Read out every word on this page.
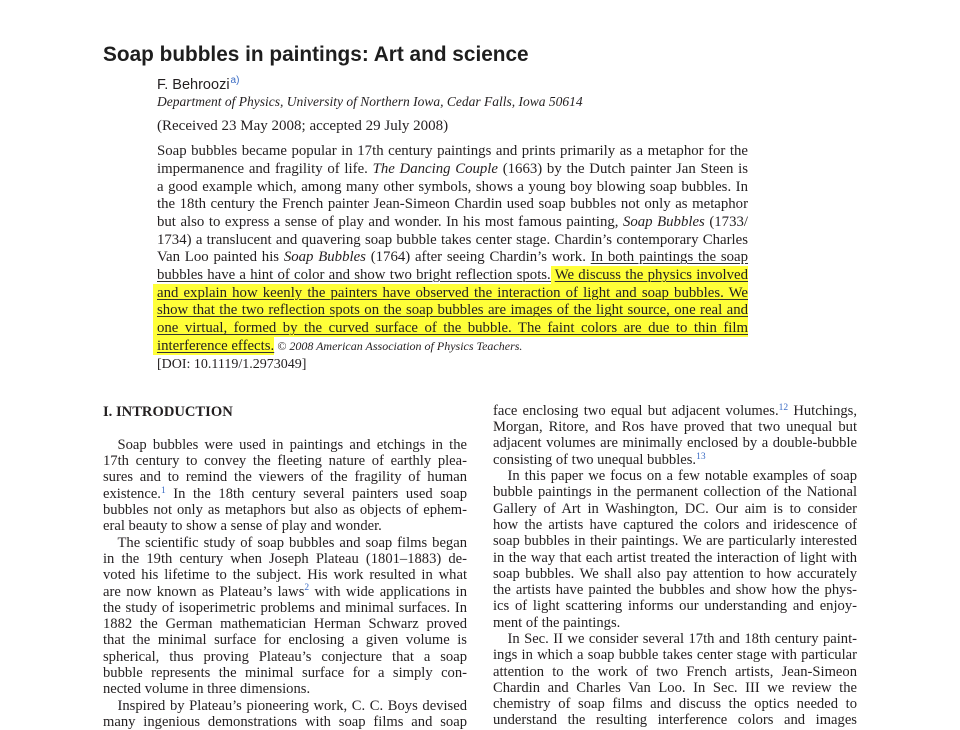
Soap bubbles in paintings: Art and science
F. Behroozi$^{a)}$
Department of Physics, University of Northern Iowa, Cedar Falls, Iowa 50614
(Received 23 May 2008; accepted 29 July 2008)
Soap bubbles became popular in 17th century paintings and prints primarily as a metaphor for the
impermanence and fragility of life. The Dancing Couple (1663) by the Dutch painter Jan Steen is
a good example which, among many other symbols, shows a young boy blowing soap bubbles. In
the 18th century the French painter Jean-Simeon Chardin used soap bubbles not only as metaphor
but also to express a sense of play and wonder. In his most famous painting, Soap Bubbles (1733/
1734) a translucent and quavering soap bubble takes center stage. Chardin’s contemporary Charles
Van Loo painted his Soap Bubbles (1764) after seeing Chardin’s work. In both paintings the soap
bubbles have a hint of color and show two bright reflection spots. We discuss the physics involved
and explain how keenly the painters have observed the interaction of light and soap bubbles. We
show that the two reflection spots on the soap bubbles are images of the light source, one real and
one virtual, formed by the curved surface of the bubble. The faint colors are due to thin film
interference effects. © 2008 American Association of Physics Teachers.
[DOI: 10.1119/1.2973049]
I. INTRODUCTION
Soap bubbles were used in paintings and etchings in the
17th century to convey the fleeting nature of earthly plea-
sures and to remind the viewers of the fragility of human
existence.$^1$ In the 18th century several painters used soap
bubbles not only as metaphors but also as objects of ephem-
eral beauty to show a sense of play and wonder.
The scientific study of soap bubbles and soap films began
in the 19th century when Joseph Plateau (1801–1883) de-
voted his lifetime to the subject. His work resulted in what
are now known as Plateau’s laws$^2$ with wide applications in
the study of isoperimetric problems and minimal surfaces. In
1882 the German mathematician Herman Schwarz proved
that the minimal surface for enclosing a given volume is
spherical, thus proving Plateau’s conjecture that a soap
bubble represents the minimal surface for a simply con-
nected volume in three dimensions.
Inspired by Plateau’s pioneering work, C. C. Boys devised
many ingenious demonstrations with soap films and soap
face enclosing two equal but adjacent volumes.$^{12}$ Hutchings,
Morgan, Ritore, and Ros have proved that two unequal but
adjacent volumes are minimally enclosed by a double-bubble
consisting of two unequal bubbles.$^{13}$
In this paper we focus on a few notable examples of soap
bubble paintings in the permanent collection of the National
Gallery of Art in Washington, DC. Our aim is to consider
how the artists have captured the colors and iridescence of
soap bubbles in their paintings. We are particularly interested
in the way that each artist treated the interaction of light with
soap bubbles. We shall also pay attention to how accurately
the artists have painted the bubbles and show how the phys-
ics of light scattering informs our understanding and enjoy-
ment of the paintings.
In Sec. II we consider several 17th and 18th century paint-
ings in which a soap bubble takes center stage with particular
attention to the work of two French artists, Jean-Simeon
Chardin and Charles Van Loo. In Sec. III we review the
chemistry of soap films and discuss the optics needed to
understand the resulting interference colors and images
